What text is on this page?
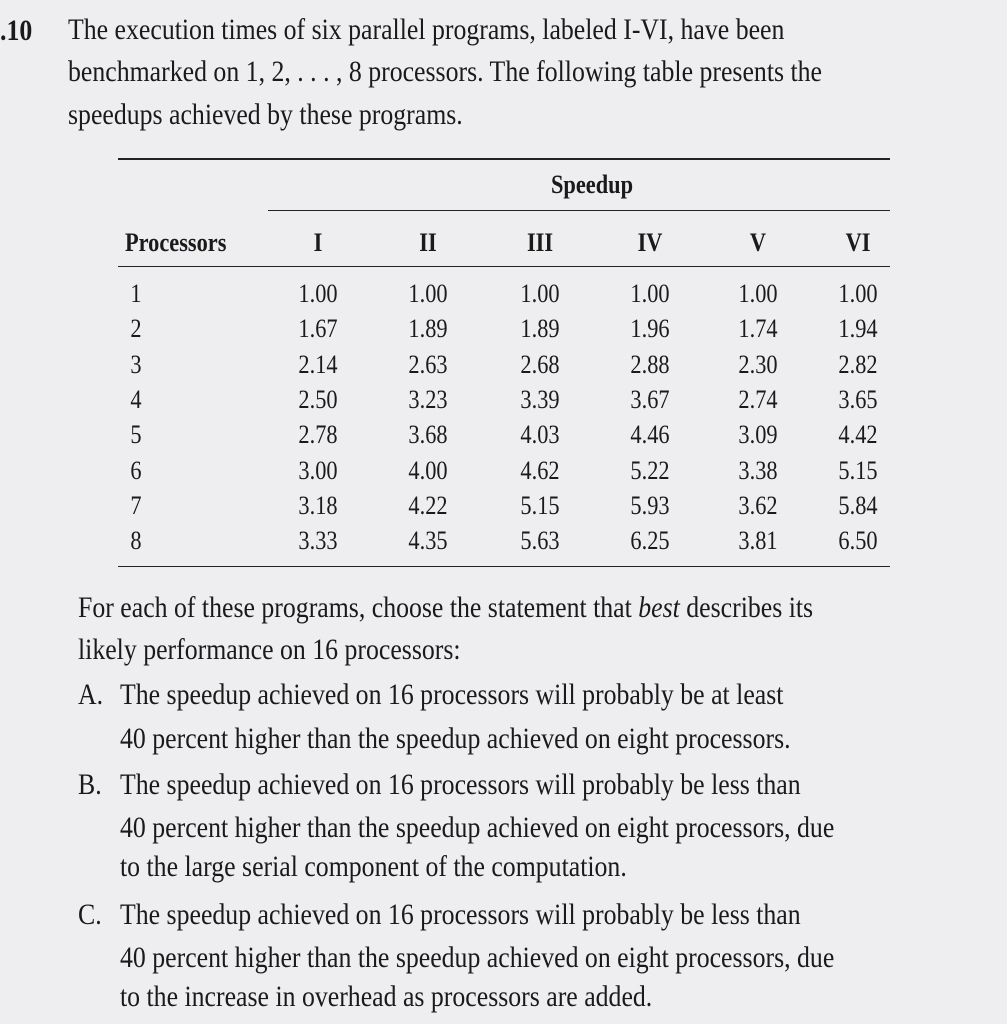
.10 The execution times of six parallel programs, labeled I-VI, have been
benchmarked on 1, 2, . . . , 8 processors. The following table presents the
speedups achieved by these programs.
Speedup
Processors	I	II	III	IV	V	VI
1	1.00	1.00	1.00	1.00	1.00 1.00
2	1.67	1.89	1.89	1.96	1.74 1.94
3	2.14	2.63	2.68	2.88	2.30 2.82
4	2.50	3.23	3.39	3.67	2.74 3.65
5	2.78	3.68	4.03	4.46	3.09 4.42
6	3.00	4.00	4.62	5.22	3.38 5.15
7	3.18	4.22	5.15	5.93	3.62 5.84
8	3.33	4.35	5.63	6.25	3.81 6.50
For each of these programs, choose the statement that best describes its
likely performance on 16 processors:
A. The speedup achieved on 16 processors will probably be at least
40 percent higher than the speedup achieved on eight processors.
B. The speedup achieved on 16 processors will probably be less than
40 percent higher than the speedup achieved on eight processors, due
to the large serial component of the computation.
C. The speedup achieved on 16 processors will probably be less than
40 percent higher than the speedup achieved on eight processors, due
to the increase in overhead as processors are added.
